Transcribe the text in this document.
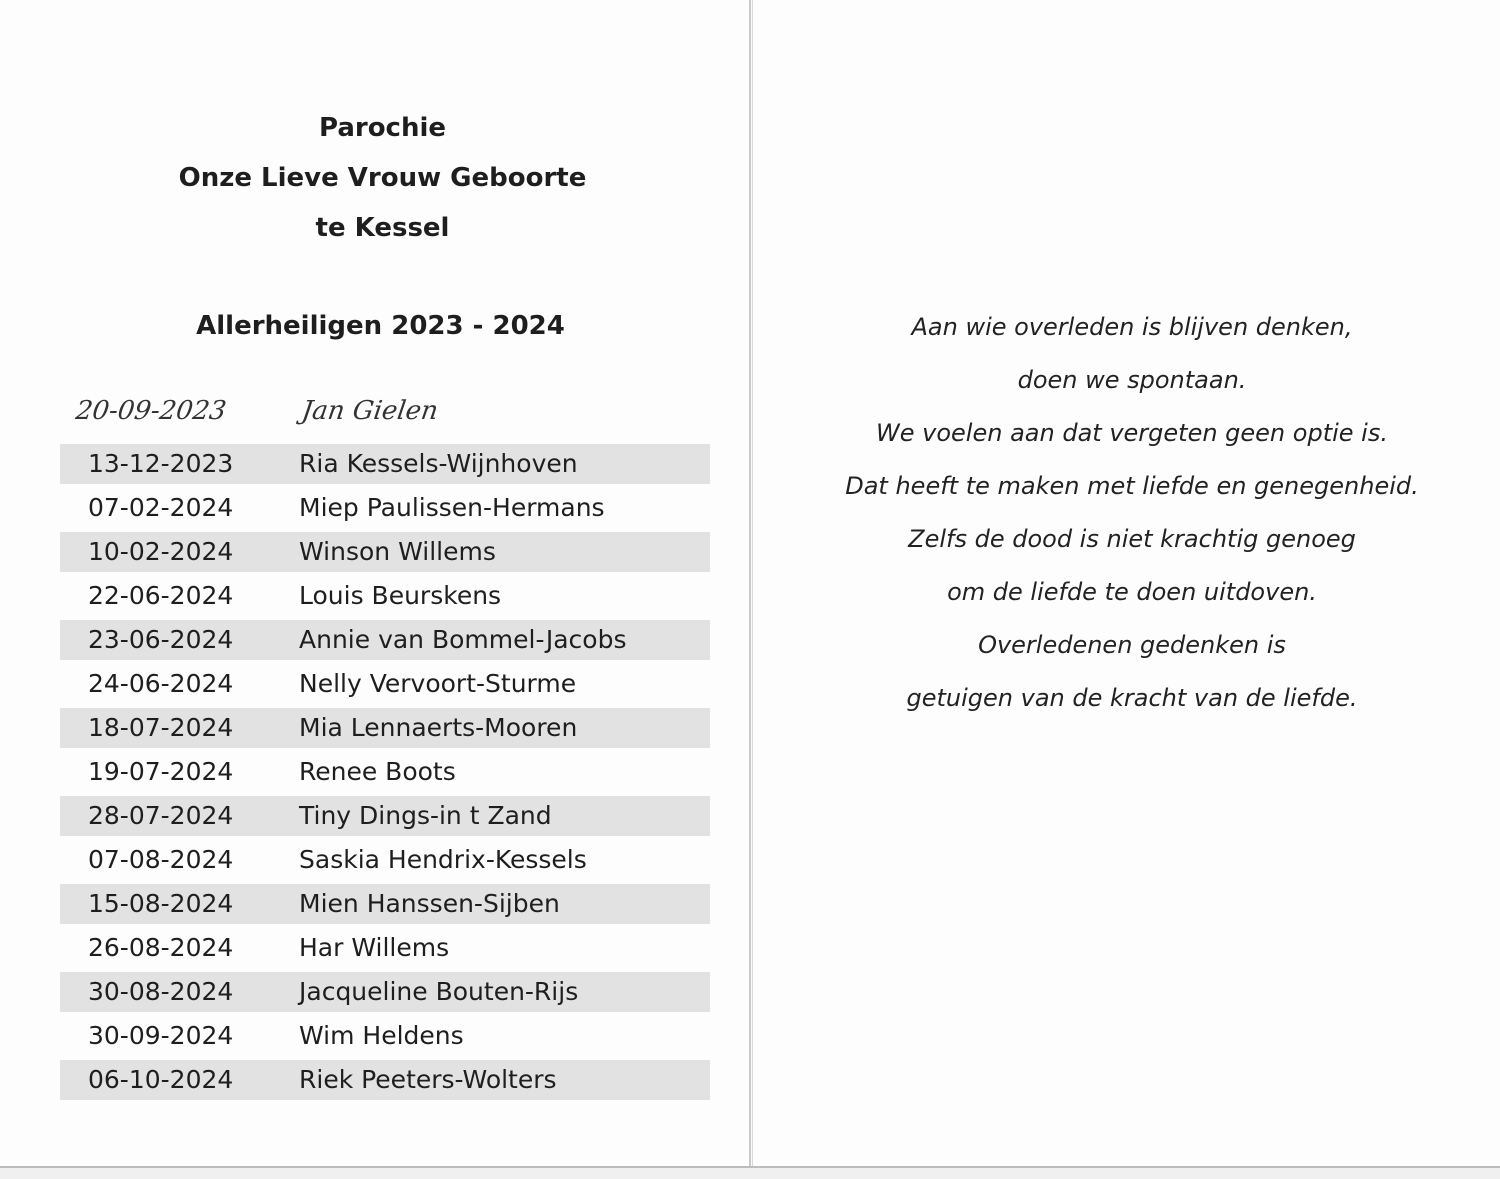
Parochie
Onze Lieve Vrouw Geboorte
te Kessel
Allerheiligen 2023 - 2024
20-09-2023	Jan Gielen
13-12-2023	Ria Kessels-Wijnhoven
07-02-2024	Miep Paulissen-Hermans
10-02-2024	Winson Willems
22-06-2024	Louis Beurskens
23-06-2024	Annie van Bommel-Jacobs
24-06-2024	Nelly Vervoort-Sturme
18-07-2024	Mia Lennaerts-Mooren
19-07-2024	Renee Boots
28-07-2024	Tiny Dings-in t Zand
07-08-2024	Saskia Hendrix-Kessels
15-08-2024	Mien Hanssen-Sijben
26-08-2024	Har Willems
30-08-2024	Jacqueline Bouten-Rijs
30-09-2024	Wim Heldens
06-10-2024	Riek Peeters-Wolters
Aan wie overleden is blijven denken,
doen we spontaan.
We voelen aan dat vergeten geen optie is.
Dat heeft te maken met liefde en genegenheid.
Zelfs de dood is niet krachtig genoeg
om de liefde te doen uitdoven.
Overledenen gedenken is
getuigen van de kracht van de liefde.
